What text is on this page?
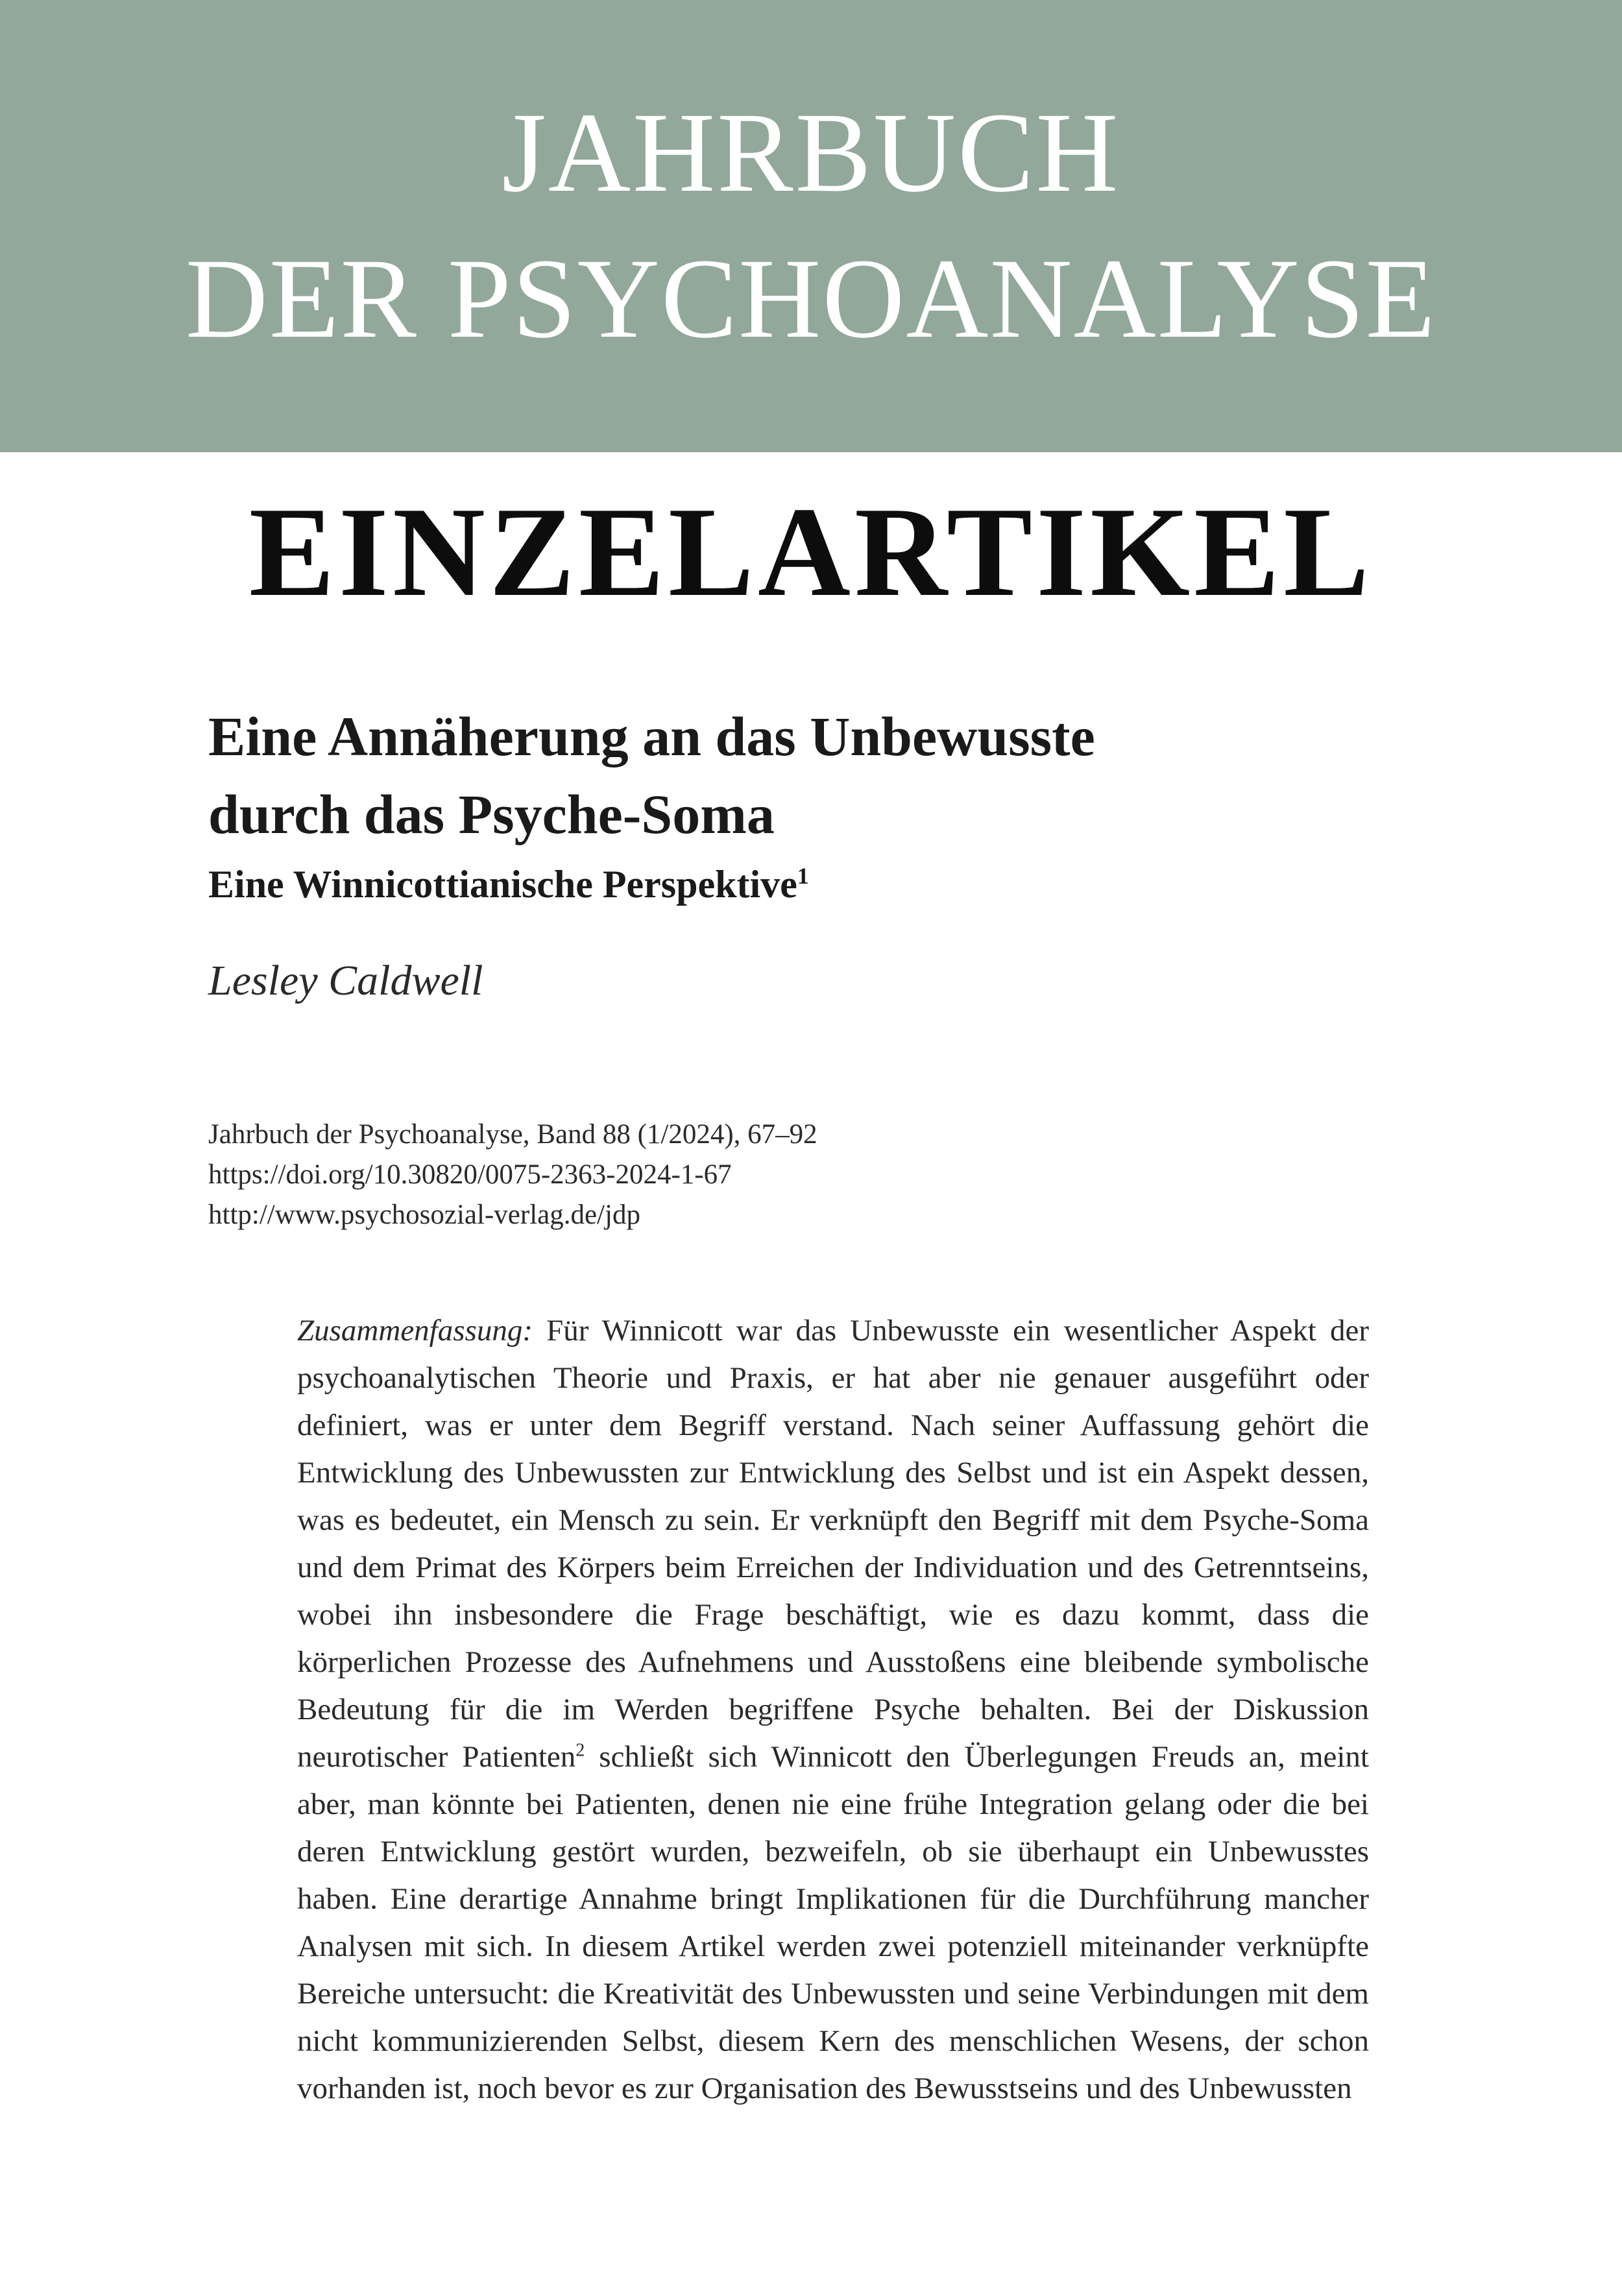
JAHRBUCH
DER PSYCHOANALYSE
EINZELARTIKEL
Eine Annäherung an das Unbewusste
durch das Psyche-Soma
Eine Winnicottianische Perspektive$^1$
Lesley Caldwell
Jahrbuch der Psychoanalyse, Band 88 (1/2024), 67–92
https://doi.org/10.30820/0075-2363-2024-1-67
http://www.psychosozial-verlag.de/jdp

Zusammenfassung: Für Winnicott war das Unbewusste ein wesentlicher Aspekt der psychoanalytischen Theorie und Praxis, er hat aber nie genauer ausgeführt oder definiert, was er unter dem Begriff verstand. Nach seiner Auffassung gehört die Entwicklung des Unbewussten zur Entwicklung des Selbst und ist ein Aspekt dessen, was es bedeutet, ein Mensch zu sein. Er verknüpft den Begriff mit dem Psyche-Soma und dem Primat des Körpers beim Erreichen der Individuation und des Getrenntseins, wobei ihn insbesondere die Frage beschäftigt, wie es dazu kommt, dass die körperlichen Prozesse des Aufnehmens und Ausstoßens eine bleibende symbolische Bedeutung für die im Werden begriffene Psyche behalten. Bei der Diskussion neurotischer Patienten$^2$ schließt sich Winnicott den Überlegungen Freuds an, meint aber, man könnte bei Patienten, denen nie eine frühe Integration gelang oder die bei deren Entwicklung gestört wurden, bezweifeln, ob sie überhaupt ein Unbewusstes haben. Eine derartige Annahme bringt Implikationen für die Durchführung mancher Analysen mit sich. In diesem Artikel werden zwei potenziell miteinander verknüpfte Bereiche untersucht: die Kreativität des Unbewussten und seine Verbindungen mit dem nicht kommunizierenden Selbst, diesem Kern des menschlichen Wesens, der schon vorhanden ist, noch bevor es zur Organisation des Bewusstseins und des Unbewussten
